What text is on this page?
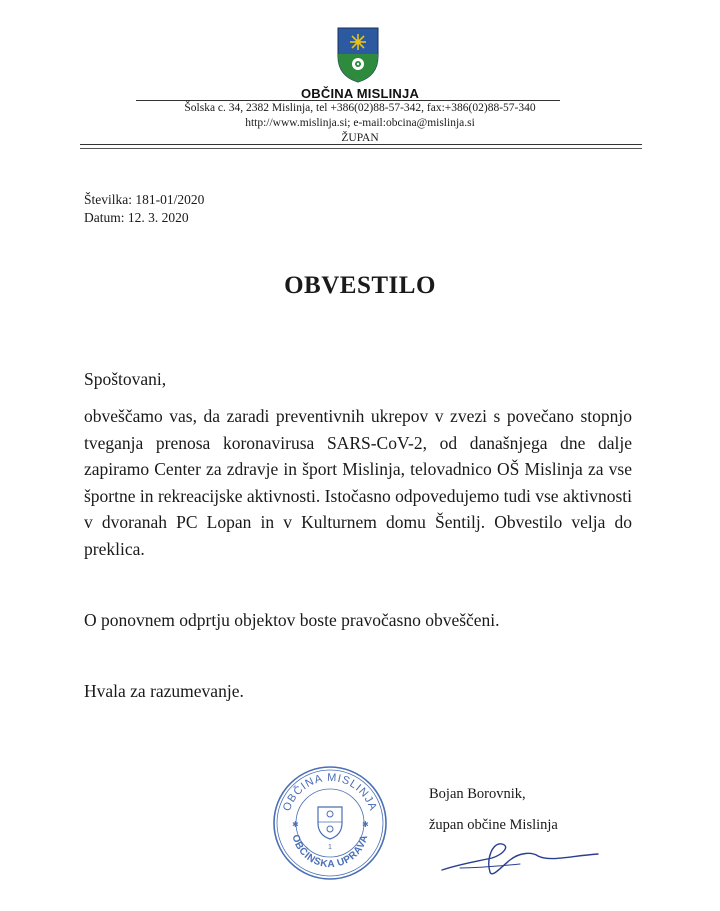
OBČINA MISLINJA
Šolska c. 34, 2382 Mislinja, tel +386(02)88-57-342, fax:+386(02)88-57-340
http://www.mislinja.si; e-mail:obcina@mislinja.si
ŽUPAN
Številka: 181-01/2020
Datum: 12. 3. 2020
OBVESTILO
Spoštovani,
obveščamo vas, da zaradi preventivnih ukrepov v zvezi s povečano stopnjo tveganja prenosa koronavirusa SARS-CoV-2, od današnjega dne dalje zapiramo Center za zdravje in šport Mislinja, telovadnico OŠ Mislinja za vse športne in rekreacijske aktivnosti. Istočasno odpovedujemo tudi vse aktivnosti v dvoranah PC Lopan in v Kulturnem domu Šentilj. Obvestilo velja do preklica.
O ponovnem odprtju objektov boste pravočasno obveščeni.
Hvala za razumevanje.
OBČINA MISLINJA
OBČINSKA UPRAVA
✱	✱
1
Bojan Borovnik,
župan občine Mislinja
